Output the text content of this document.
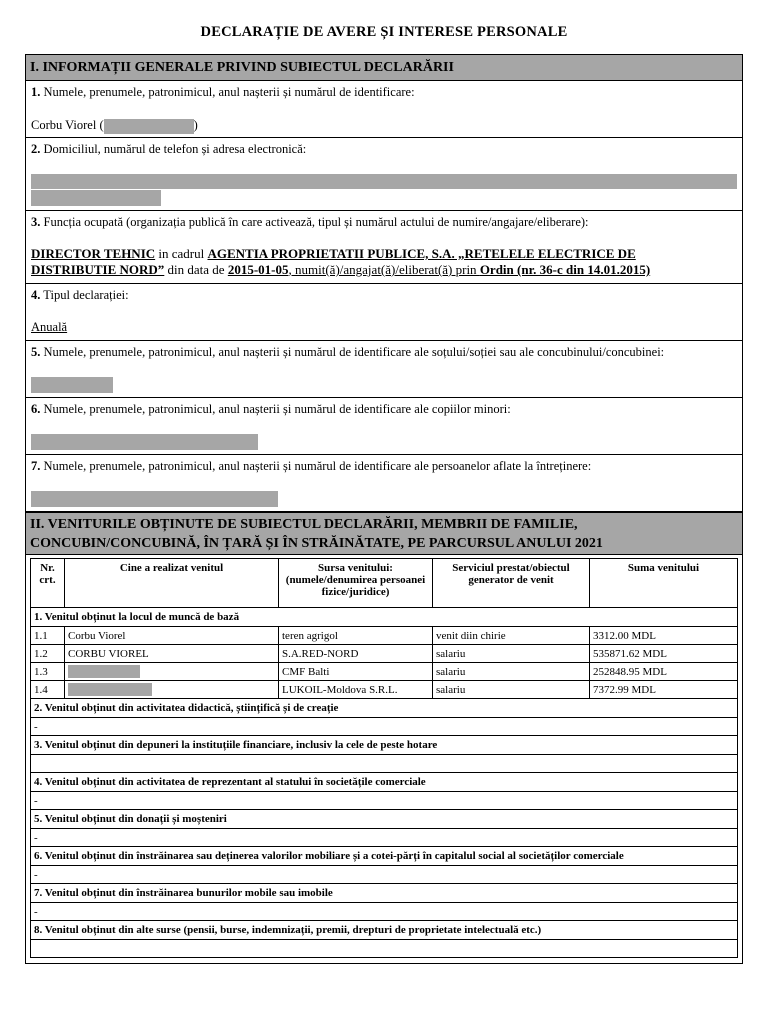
DECLARAȚIE DE AVERE ȘI INTERESE PERSONALE
I. INFORMAȚII GENERALE PRIVIND SUBIECTUL DECLARĂRII
1. Numele, prenumele, patronimicul, anul nașterii și numărul de identificare:
Corbu Viorel (	)
2. Domiciliul, numărul de telefon și adresa electronică:
3. Funcția ocupată (organizația publică în care activează, tipul și numărul actului de numire/angajare/eliberare):
DIRECTOR TEHNIC in cadrul AGENTIA PROPRIETATII PUBLICE, S.A. „RETELELE ELECTRICE DE
DISTRIBUTIE NORD” din data de 2015-01-05, numit(ă)/angajat(ă)/eliberat(ă) prin Ordin (nr. 36-c din 14.01.2015)
4. Tipul declarației:
Anuală
5. Numele, prenumele, patronimicul, anul nașterii și numărul de identificare ale soțului/soției sau ale concubinului/concubinei:
6. Numele, prenumele, patronimicul, anul nașterii și numărul de identificare ale copiilor minori:
7. Numele, prenumele, patronimicul, anul nașterii și numărul de identificare ale persoanelor aflate la întreținere:
II. VENITURILE OBȚINUTE DE SUBIECTUL DECLARĂRII, MEMBRII DE FAMILIE,
CONCUBIN/CONCUBINĂ, ÎN ȚARĂ ȘI ÎN STRĂINĂTATE, PE PARCURSUL ANULUI 2021
Nr. crt.	Cine a realizat venitul	Sursa venitului: (numele/denumirea persoanei fizice/juridice)	Serviciul prestat/obiectul generator de venit	Suma venitului
1. Venitul obținut la locul de muncă de bază				
1.1	Corbu Viorel	teren agrigol	venit diin chirie	3312.00 MDL
1.2	CORBU VIOREL	S.A.RED-NORD	salariu	535871.62 MDL
1.3		CMF Balti	salariu	252848.95 MDL
1.4		LUKOIL-Moldova S.R.L.	salariu	7372.99 MDL
2. Venitul obținut din activitatea didactică, științifică și de creație				
-				
3. Venitul obținut din depuneri la instituțiile financiare, inclusiv la cele de peste hotare				

4. Venitul obținut din activitatea de reprezentant al statului în societățile comerciale				
-				
5. Venitul obținut din donații și moșteniri				
-				
6. Venitul obținut din înstrăinarea sau deținerea valorilor mobiliare și a cotei-părți în capitalul social al societăților comerciale				
-				
7. Venitul obținut din înstrăinarea bunurilor mobile sau imobile				
-				
8. Venitul obținut din alte surse (pensii, burse, indemnizații, premii, drepturi de proprietate intelectuală etc.)				
